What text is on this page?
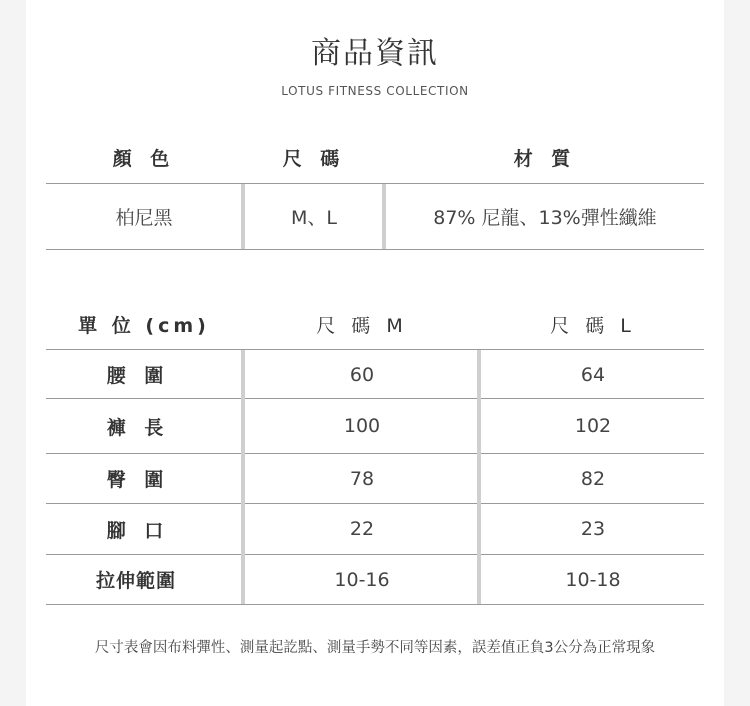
商品資訊
LOTUS FITNESS COLLECTION
顏 色	尺 碼	材 質
柏尼黑	M、L	87% 尼龍、13%彈性纖維
單 位 (cm)	尺 碼 M	尺 碼 L
腰 圍	60	64
褲 長	100	102
臀 圍	78	82
腳 口	22	23
拉伸範圍	10-16	10-18
尺寸表會因布料彈性、測量起訖點、測量手勢不同等因素，誤差值正負3公分為正常現象
